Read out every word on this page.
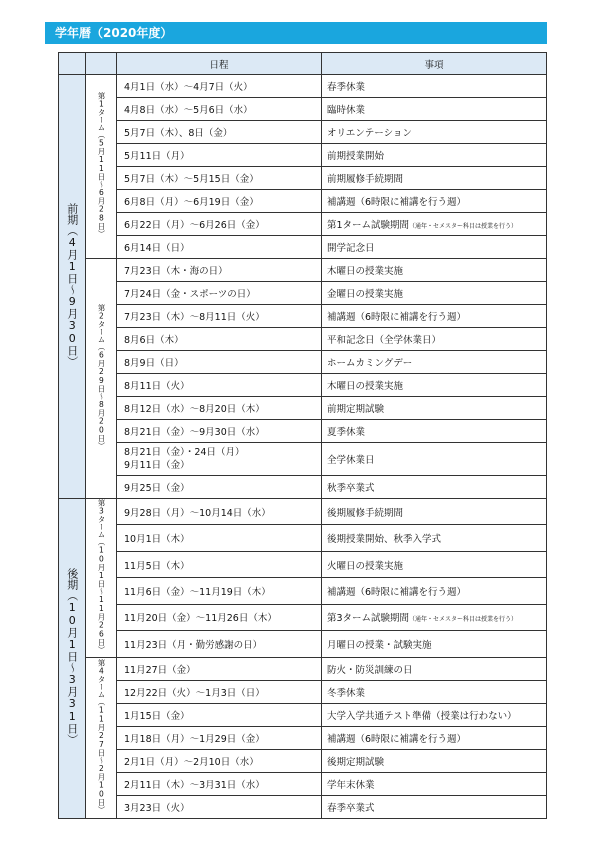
学年暦（2020年度）
		日程	事項
前期（4月1日〜9月30日）	第1ターム（5月11日〜6月28日）	4月1日（水）〜4月7日（火）	春季休業
		4月8日（水）〜5月6日（水）	臨時休業
		5月7日（木）、8日（金）	オリエンテーション
		5月11日（月）	前期授業開始
		5月7日（木）〜5月15日（金）	前期履修手続期間
		6月8日（月）〜6月19日（金）	補講週（6時限に補講を行う週）
		6月22日（月）〜6月26日（金）	第1ターム試験期間（通年・セメスター科目は授業を行う）
		6月14日（日）	開学記念日
	第2ターム（6月29日〜8月20日）	7月23日（木・海の日）	木曜日の授業実施
		7月24日（金・スポーツの日）	金曜日の授業実施
		7月23日（木）〜8月11日（火）	補講週（6時限に補講を行う週）
		8月6日（木）	平和記念日（全学休業日）
		8月9日（日）	ホームカミングデー
		8月11日（火）	木曜日の授業実施
		8月12日（水）〜8月20日（木）	前期定期試験
		8月21日（金）〜9月30日（水）	夏季休業
		8月21日（金）・24日（月）
9月11日（金）	全学休業日
		9月25日（金）	秋季卒業式
後期（10月1日〜3月31日）	第3ターム（10月1日〜11月26日）	9月28日（月）〜10月14日（水）	後期履修手続期間
		10月1日（木）	後期授業開始、秋季入学式
		11月5日（木）	火曜日の授業実施
		11月6日（金）〜11月19日（木）	補講週（6時限に補講を行う週）
		11月20日（金）〜11月26日（木）	第3ターム試験期間（通年・セメスター科目は授業を行う）
		11月23日（月・勤労感謝の日）	月曜日の授業・試験実施
	第4ターム（11月27日〜2月10日）	11月27日（金）	防火・防災訓練の日
		12月22日（火）〜1月3日（日）	冬季休業
		1月15日（金）	大学入学共通テスト準備（授業は行わない）
		1月18日（月）〜1月29日（金）	補講週（6時限に補講を行う週）
		2月1日（月）〜2月10日（水）	後期定期試験
		2月11日（木）〜3月31日（水）	学年末休業
		3月23日（火）	春季卒業式
